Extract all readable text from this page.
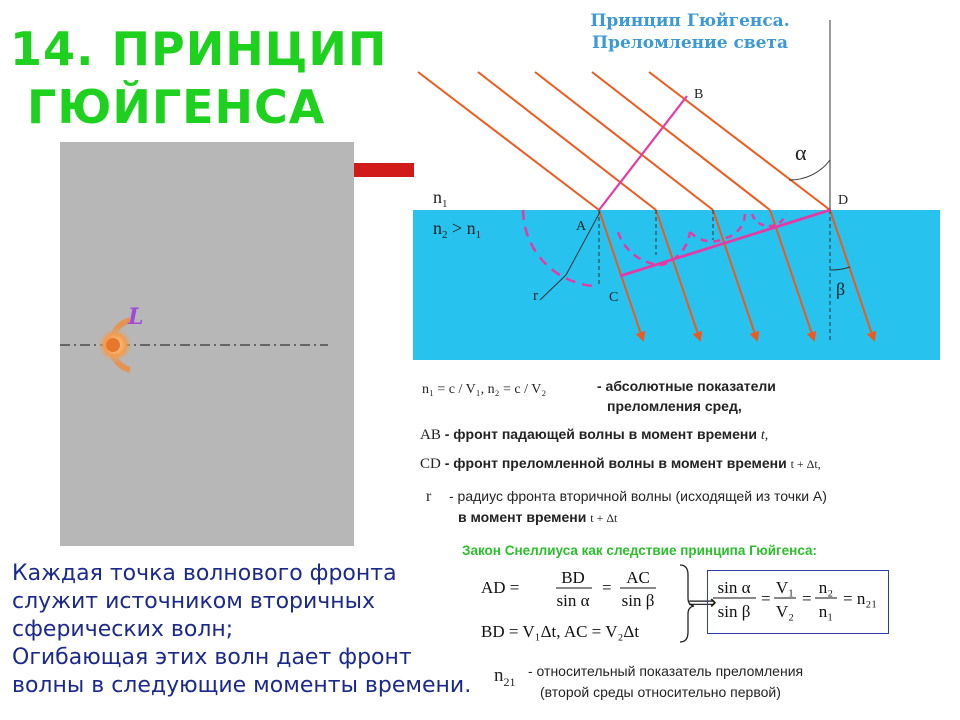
14. ПРИНЦИП
ГЮЙГЕНСА
L
Каждая точка волнового фронта
служит источником вторичных
сферических волн;
Огибающая этих волн дает фронт
волны в следующие моменты времени.
Принцип Гюйгенса.
Преломление света
B
A
C
D
r
α
β
$n_1$
$n_2 > n_1$
n₁ = c / V₁, n₂ = c / V₂	- абсолютные показатели
преломления сред,
AB - фронт падающей волны в момент времени t,
CD - фронт преломленной волны в момент времени t + Δt,
r - радиус фронта вторичной волны (исходящей из точки A)
в момент времени t + Δt
Закон Снеллиуса как следствие принципа Гюйгенса:
AD =
BD
sin α
=
AC
sin β
BD = V₁Δt, AC = V₂Δt
⟹
sin α
sin β
=
V₁
V₂
=
n₂
n₁
= n₂₁
$n_{21}$
- относительный показатель преломления
(второй среды относительно первой)
